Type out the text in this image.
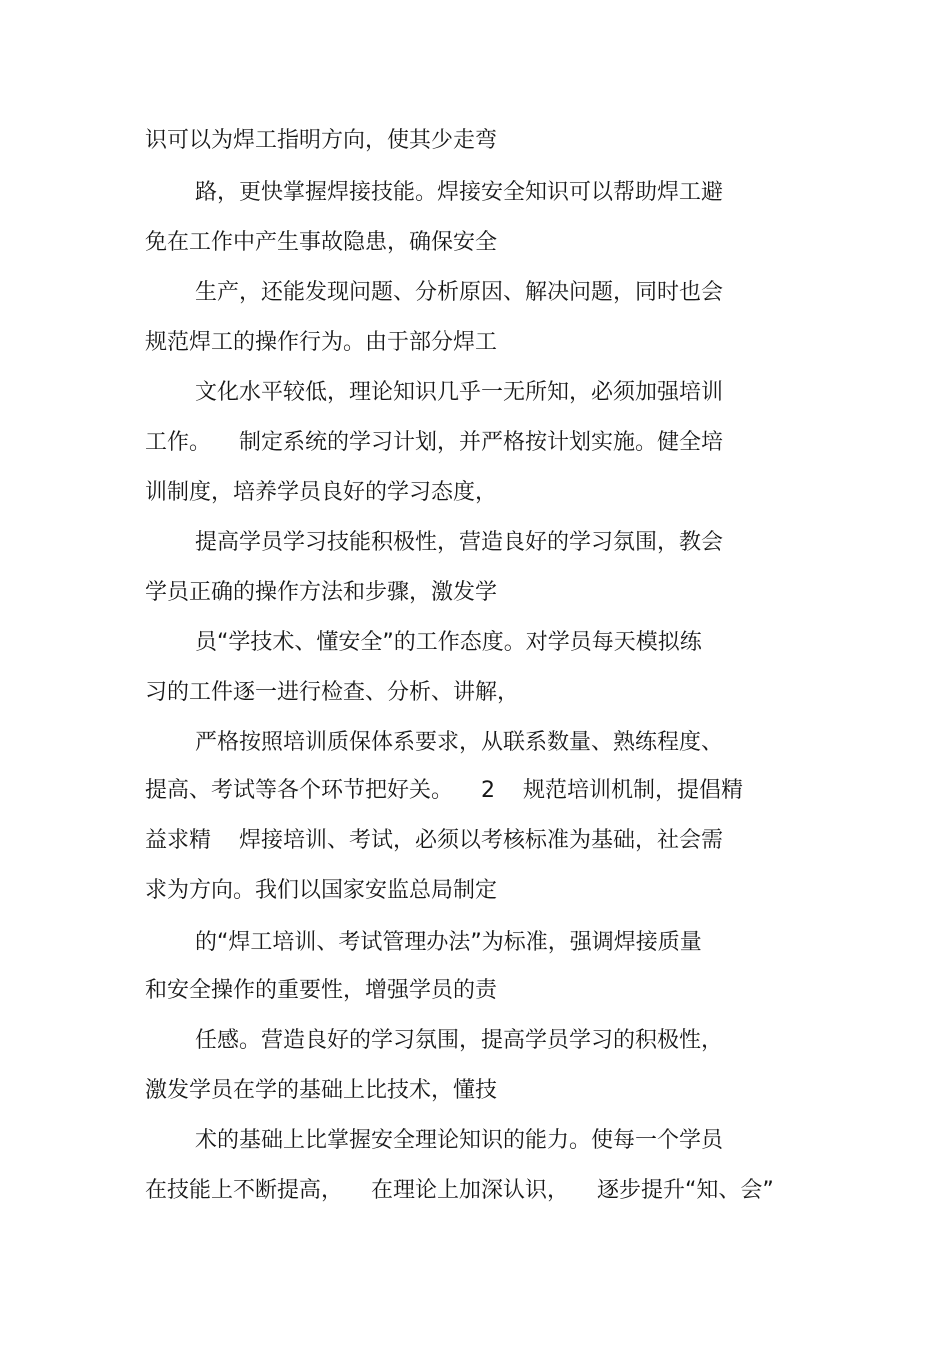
识可以为焊工指明方向，使其少走弯

路，更快掌握焊接技能。焊接安全知识可以帮助焊工避

免在工作中产生事故隐患，确保安全

生产，还能发现问题、分析原因、解决问题，同时也会

规范焊工的操作行为。由于部分焊工

文化水平较低，理论知识几乎一无所知，必须加强培训

工作。    制定系统的学习计划，并严格按计划实施。健全培

训制度，培养学员良好的学习态度，

提高学员学习技能积极性，营造良好的学习氛围，教会

学员正确的操作方法和步骤，激发学

员“学技术、懂安全”的工作态度。对学员每天模拟练

习的工件逐一进行检查、分析、讲解，

严格按照培训质保体系要求，从联系数量、熟练程度、

提高、考试等各个环节把好关。    2    规范培训机制，提倡精

益求精    焊接培训、考试，必须以考核标准为基础，社会需

求为方向。我们以国家安监总局制定

的“焊工培训、考试管理办法”为标准，强调焊接质量

和安全操作的重要性，增强学员的责

任感。营造良好的学习氛围，提高学员学习的积极性，

激发学员在学的基础上比技术，懂技

术的基础上比掌握安全理论知识的能力。使每一个学员

在技能上不断提高，    在理论上加深认识，    逐步提升“知、会”
